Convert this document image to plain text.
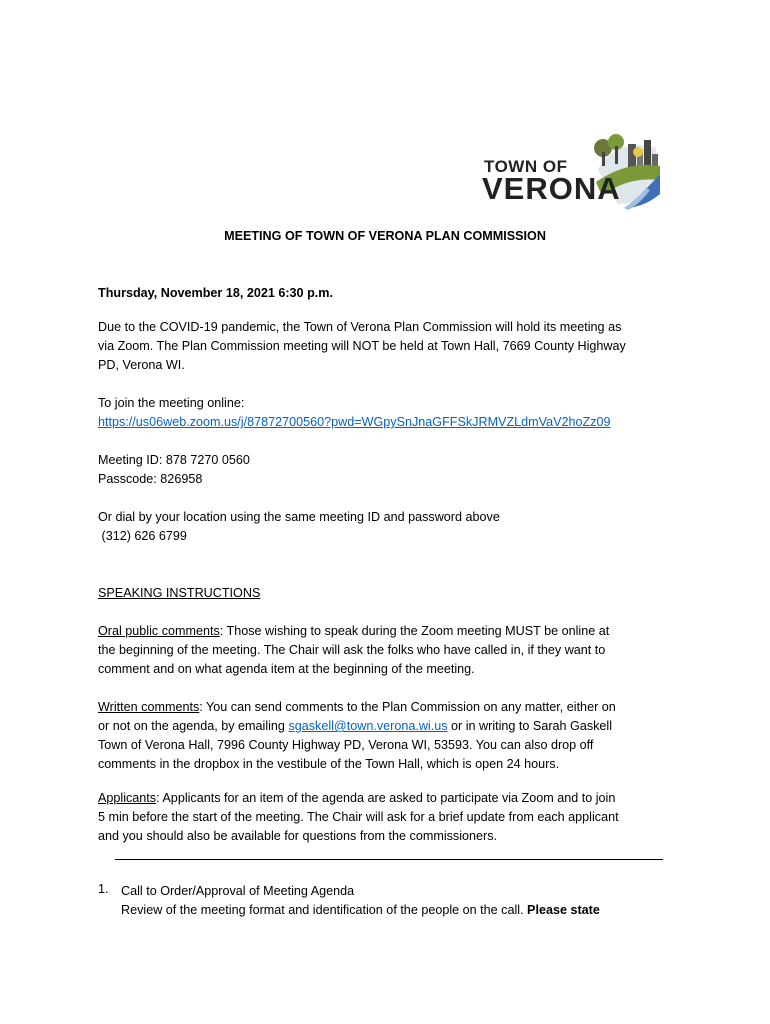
TOWN OF
VERONA
MEETING OF TOWN OF VERONA PLAN COMMISSION
Thursday, November 18, 2021 6:30 p.m.
Due to the COVID-19 pandemic, the Town of Verona Plan Commission will hold its meeting as
via Zoom. The Plan Commission meeting will NOT be held at Town Hall, 7669 County Highway
PD, Verona WI.
To join the meeting online:
https://us06web.zoom.us/j/87872700560?pwd=WGpySnJnaGFFSkJRMVZLdmVaV2hoZz09
Meeting ID: 878 7270 0560
Passcode: 826958
Or dial by your location using the same meeting ID and password above
(312) 626 6799
SPEAKING INSTRUCTIONS
Oral public comments: Those wishing to speak during the Zoom meeting MUST be online at
the beginning of the meeting. The Chair will ask the folks who have called in, if they want to
comment and on what agenda item at the beginning of the meeting.
Written comments: You can send comments to the Plan Commission on any matter, either on
or not on the agenda, by emailing sgaskell@town.verona.wi.us or in writing to Sarah Gaskell
Town of Verona Hall, 7996 County Highway PD, Verona WI, 53593. You can also drop off
comments in the dropbox in the vestibule of the Town Hall, which is open 24 hours.
Applicants: Applicants for an item of the agenda are asked to participate via Zoom and to join
5 min before the start of the meeting. The Chair will ask for a brief update from each applicant
and you should also be available for questions from the commissioners.
1. Call to Order/Approval of Meeting Agenda
Review of the meeting format and identification of the people on the call. Please state
